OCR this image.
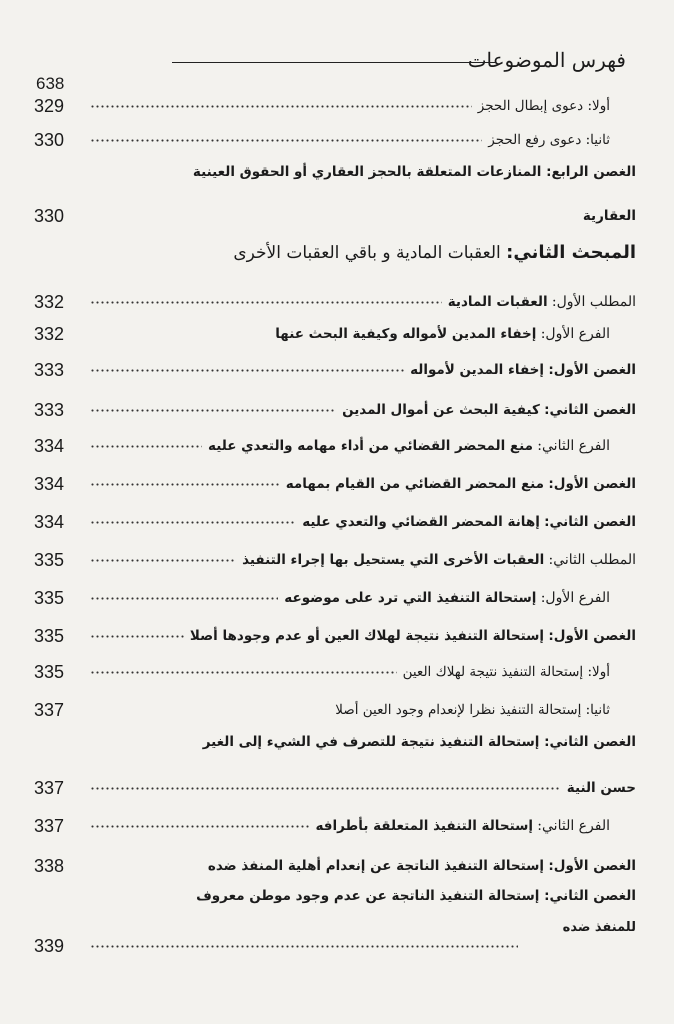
فهرس الموضوعات
638
329	أولا: دعوى إبطال الحجز
330	ثانيا: دعوى رفع الحجز
الغصن الرابع: المنازعات المتعلقة بالحجز العقاري أو الحقوق العينية
330	العقارية
المبحث الثاني: العقبات المادية و باقي العقبات الأخرى
332	المطلب الأول: العقبات المادية
332	الفرع الأول: إخفاء المدين لأمواله وكيفية البحث عنها
333	الغصن الأول: إخفاء المدين لأمواله
333	الغصن الثاني: كيفية البحث عن أموال المدين
334	الفرع الثاني: منع المحضر القضائي من أداء مهامه والتعدي عليه
334	الغصن الأول: منع المحضر القضائي من القيام بمهامه
334	الغصن الثاني: إهانة المحضر القضائي والتعدي عليه
335	المطلب الثاني: العقبات الأخرى التي يستحيل بها إجراء التنفيذ
335	الفرع الأول: إستحالة التنفيذ التي ترد على موضوعه
335	الغصن الأول: إستحالة التنفيذ نتيجة لهلاك العين أو عدم وجودها أصلا
335	أولا: إستحالة التنفيذ نتيجة لهلاك العين
337	ثانيا: إستحالة التنفيذ نظرا لإنعدام وجود العين أصلا
الغصن الثاني: إستحالة التنفيذ نتيجة للتصرف في الشيء إلى الغير
337	حسن النية
337	الفرع الثاني: إستحالة التنفيذ المتعلقة بأطرافه
338	الغصن الأول: إستحالة التنفيذ الناتجة عن إنعدام أهلية المنفذ ضده
الغصن الثاني: إستحالة التنفيذ الناتجة عن عدم وجود موطن معروف
للمنفذ ضده
339
